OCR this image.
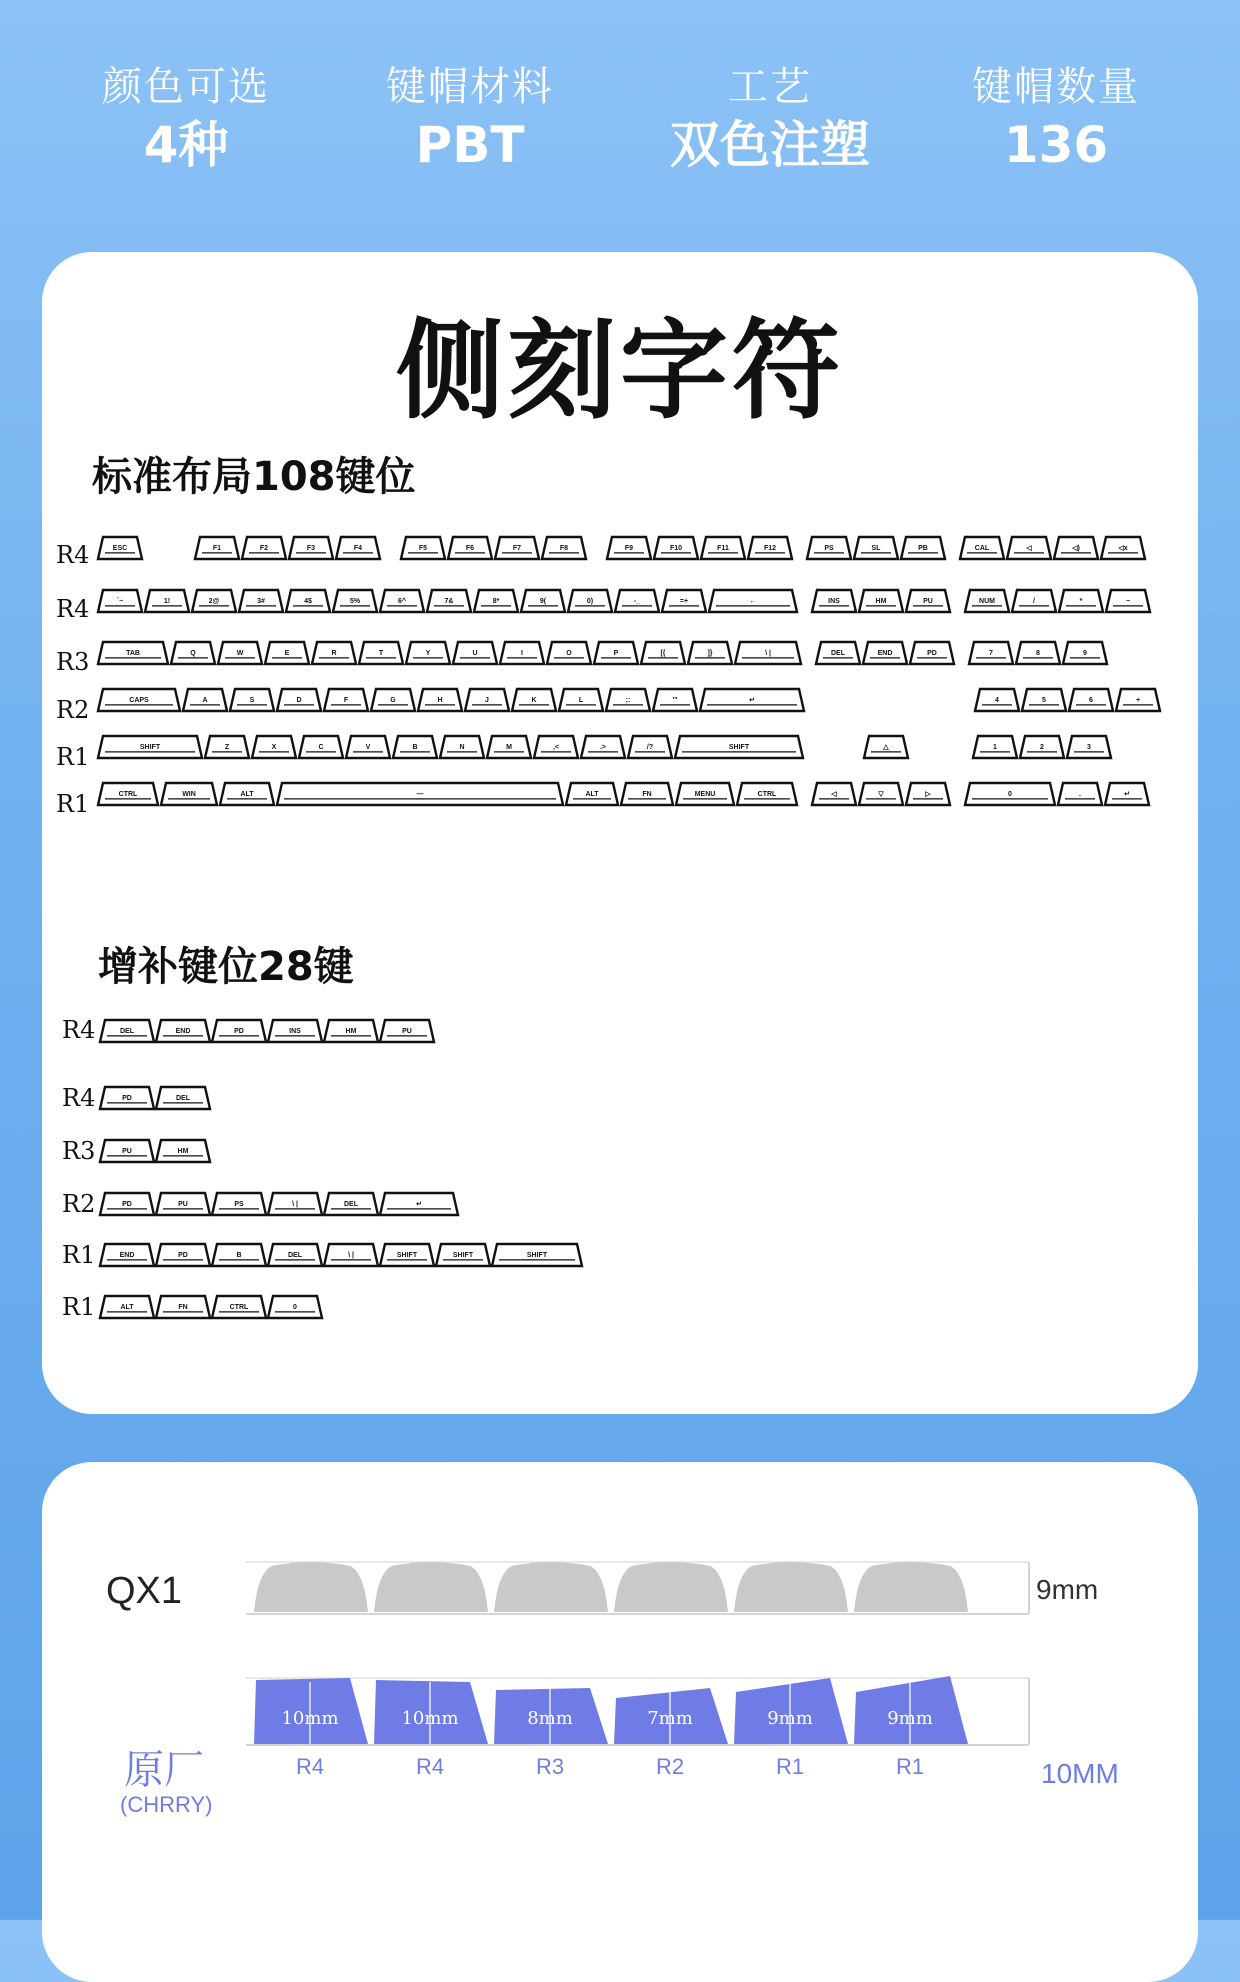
颜色可选
4种
键帽材料
PBT
工艺
双色注塑
键帽数量
136
侧刻字符
标准布局108键位
R4
R4
R3
R2
R1
R1
ESC	F1	F2	F3	F4	F5	F6	F7	F8	F9	F10	F11	F12	PS	SL	PB	CAL	◁	◁)	◁x
`~	1!	2@	3#	4$	5%	6^	7&	8*	9(	0)	-_	=+	←	INS	HM	PU	NUM	/	*	−
TAB	Q	W	E	R	T	Y	U	I	O	P	[{	]}	\ |	DEL	END	PD	7	8	9
CAPS	A	S	D	F	G	H	J	K	L	;:	'"	↵	4	5	6	+
SHIFT	Z	X	C	V	B	N	M	,<	.>	/?	SHIFT	△	1	2	3
CTRL	WIN	ALT	—	ALT	FN	MENU	CTRL	◁	▽	▷	0	.	↵
DEL	END	PD	INS	HM	PU
PD	DEL
PU	HM
PD	PU	PS	\ |	DEL	↵
END	PD	B	DEL	\ |	SHIFT	SHIFT	SHIFT
ALT	FN	CTRL	0
增补键位28键
R4
R4
R3
R2
R1
R1
QX1	9mm
原厂
(CHRRY)
10MM
10mm
R4
10mm
R4
8mm
R3
7mm
R2
9mm
R1
9mm
R1
